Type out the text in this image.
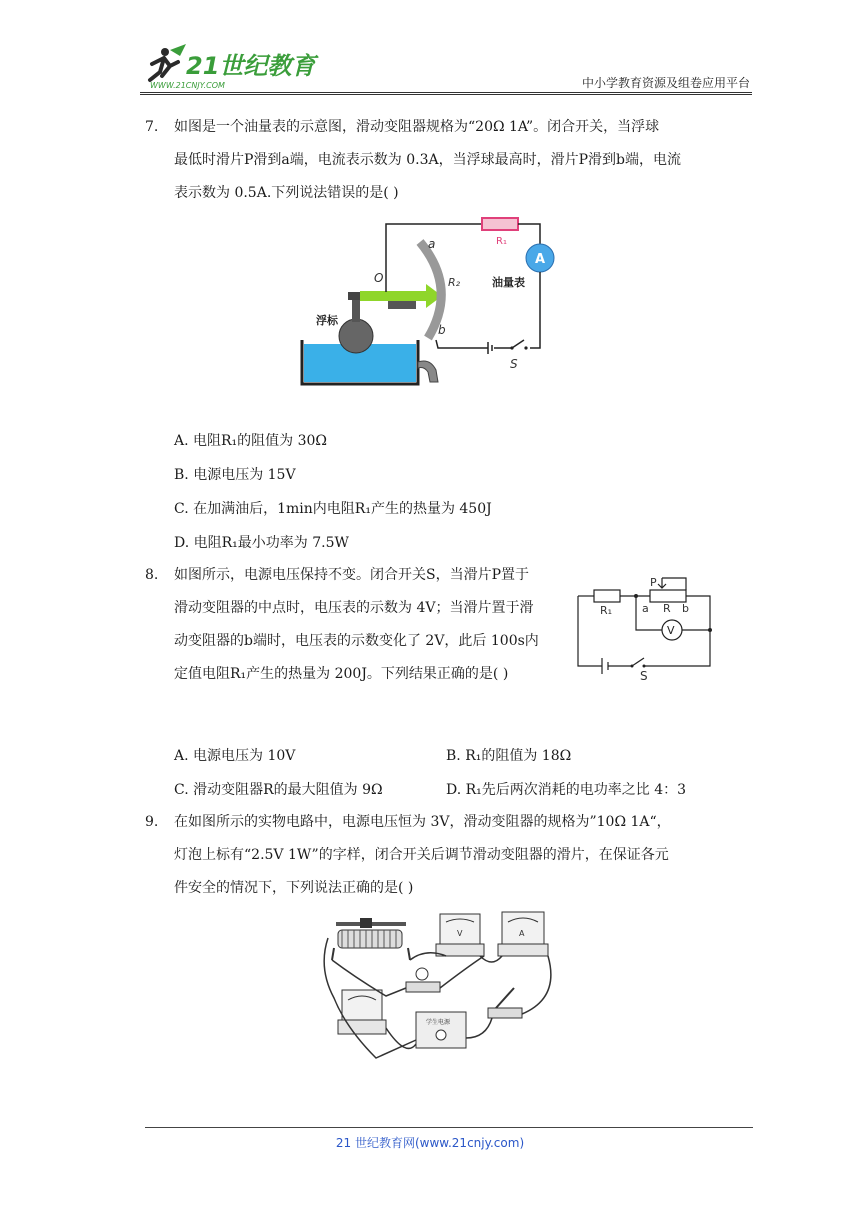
21世纪教育
WWW.21CNJY.COM	中小学教育资源及组卷应用平台
7.	如图是一个油量表的示意图，滑动变阻器规格为“20Ω 1A”。闭合开关，当浮球
最低时滑片P滑到a端，电流表示数为 0.3A，当浮球最高时，滑片P滑到b端，电流
表示数为 0.5A.下列说法错误的是( )
浮标
O
a
R₂
b
R₁
A
油量表
S
A. 电阻R₁的阻值为 30Ω
B. 电源电压为 15V
C. 在加满油后，1min内电阻R₁产生的热量为 450J
D. 电阻R₁最小功率为 7.5W
8.	如图所示，电源电压保持不变。闭合开关S，当滑片P置于
滑动变阻器的中点时，电压表的示数为 4V；当滑片置于滑
动变阻器的b端时，电压表的示数变化了 2V，此后 100s内
定值电阻R₁产生的热量为 200J。下列结果正确的是( )	S
R₁
P
a R b
V
A. 电源电压为 10V	B. R₁的阻值为 18Ω
C. 滑动变阻器R的最大阻值为 9Ω	D. R₁先后两次消耗的电功率之比 4：3
9.	在如图所示的实物电路中，电源电压恒为 3V，滑动变阻器的规格为”10Ω 1A“，
灯泡上标有“2.5V 1W”的字样，闭合开关后调节滑动变阻器的滑片，在保证各元
件安全的情况下，下列说法正确的是( )
V	A
学生电源
21 世纪教育网(www.21cnjy.com)
